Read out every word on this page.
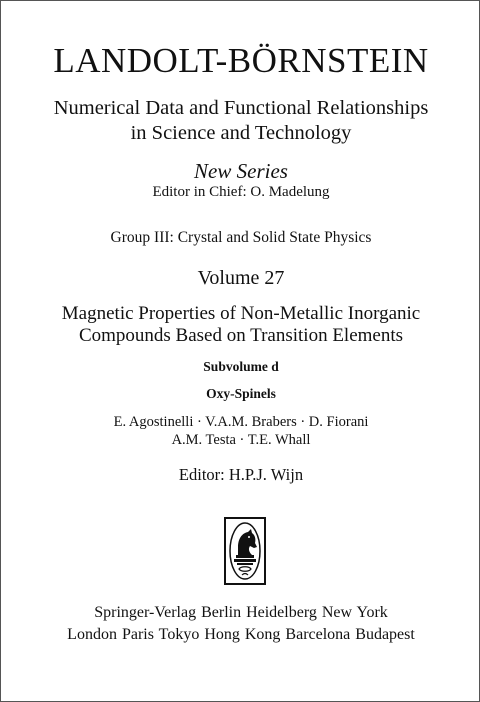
LANDOLT-BÖRNSTEIN
Numerical Data and Functional Relationships
in Science and Technology
New Series
Editor in Chief: O. Madelung
Group III: Crystal and Solid State Physics
Volume 27
Magnetic Properties of Non-Metallic Inorganic
Compounds Based on Transition Elements
Subvolume d
Oxy-Spinels
E. Agostinelli · V.A.M. Brabers · D. Fiorani
A.M. Testa · T.E. Whall
Editor: H.P.J. Wijn
Springer-Verlag Berlin Heidelberg New York
London Paris Tokyo Hong Kong Barcelona Budapest
